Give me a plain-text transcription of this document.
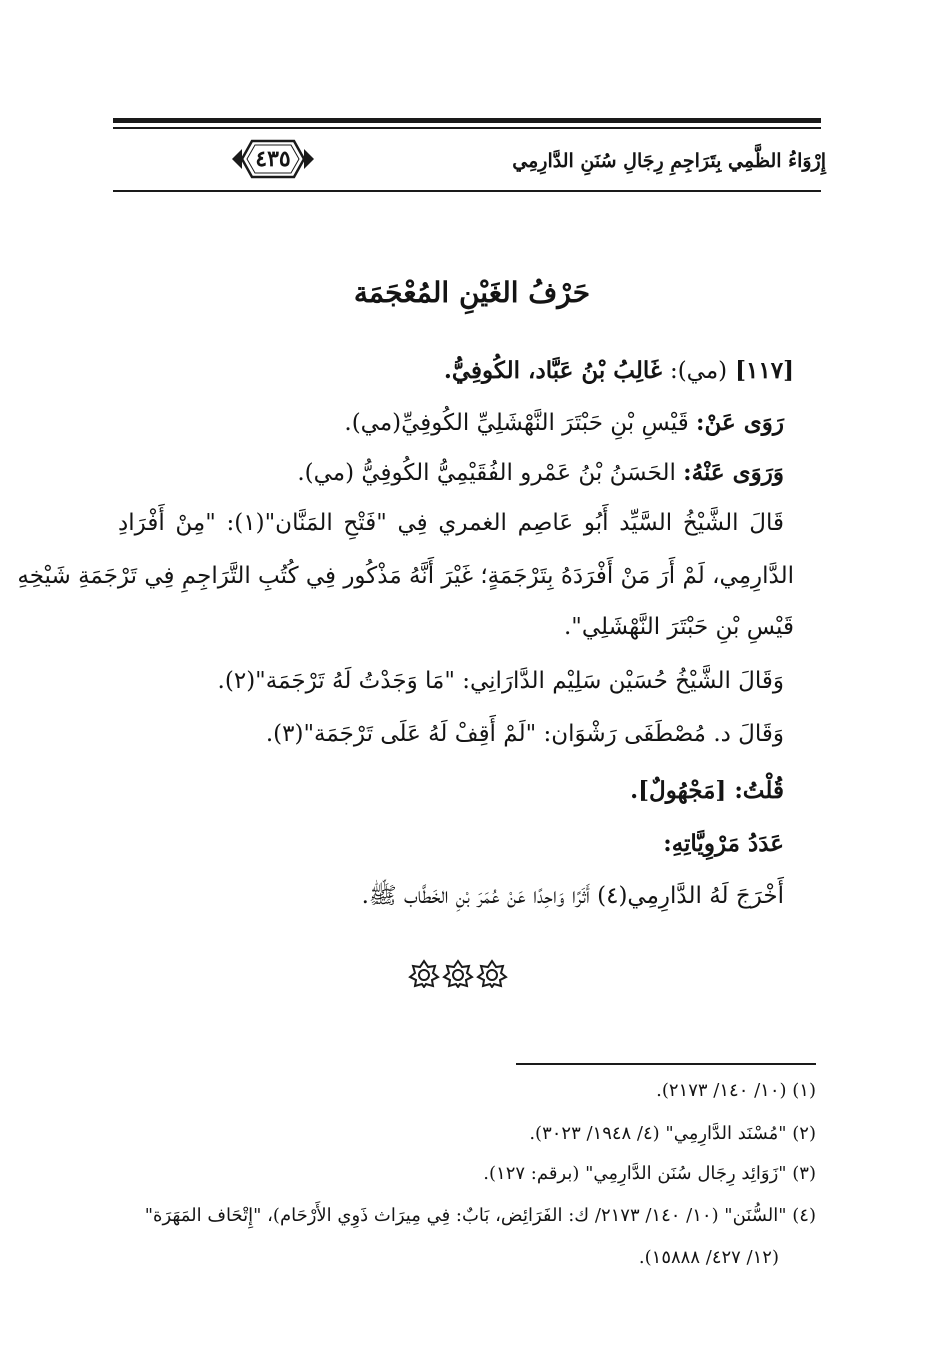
إِرْوَاءُ الظَّمِي بِتَرَاجِمِ رِجَالِ سُنَنِ الدَّارِمِي
٤٣٥
حَرْفُ الغَيْنِ المُعْجَمَة
[١١٧] (مي): غَالِبُ بْنُ عَبَّاد، الكُوفِيُّ.
رَوَى عَنْ: قَيْسِ بْنِ حَبْتَرَ النَّهْشَلِيِّ الكُوفِيِّ(مي).
وَرَوَى عَنْهُ: الحَسَنُ بْنُ عَمْرو الفُقَيْمِيُّ الكُوفِيُّ (مي).
قَالَ الشَّيْخُ السَّيِّد أَبُو عَاصِم الغمري فِي "فَتْحِ المَنَّان"(١): "مِنْ أَفْرَادِ
الدَّارِمِي، لَمْ أَرَ مَنْ أَفْرَدَهُ بِتَرْجَمَةٍ؛ غَيْرَ أَنَّهُ مَذْكُور فِي كُتُبِ التَّرَاجِمِ فِي تَرْجَمَةِ شَيْخِهِ
قَيْسِ بْنِ حَبْتَرَ النَّهْشَلِي".
وَقَالَ الشَّيْخُ حُسَيْن سَلِيْم الدَّارَانِي: "مَا وَجَدْتُ لَهُ تَرْجَمَة"(٢).
وَقَالَ د. مُصْطَفَى رَشْوَان: "لَمْ أَقِفْ لَهُ عَلَى تَرْجَمَة"(٣).
قُلْتُ: [مَجْهُولٌ].
عَدَدُ مَرْوِيَّاتِهِ:
أَخْرَجَ لَهُ الدَّارِمِي(٤) أَثَرًا وَاحِدًا عَنْ عُمَرَ بْنِ الخَطَّاب ﷺ.
(١) (١٠/ ١٤٠/ ٢١٧٣).
(٢) "مُسْنَد الدَّارِمِي" (٤/ ١٩٤٨/ ٣٠٢٣).
(٣) "زَوَائِد رِجَال سُنَن الدَّارِمِي" (برقم: ١٢٧).
(٤) "السُّنَن" (١٠/ ١٤٠/ ٢١٧٣/ ك: الفَرَائِض، بَابٌ: فِي مِيرَاث ذَوِي الأَرْحَام)، "إِتْحَاف المَهَرَة"
(١٢/ ٤٢٧/ ١٥٨٨٨).
